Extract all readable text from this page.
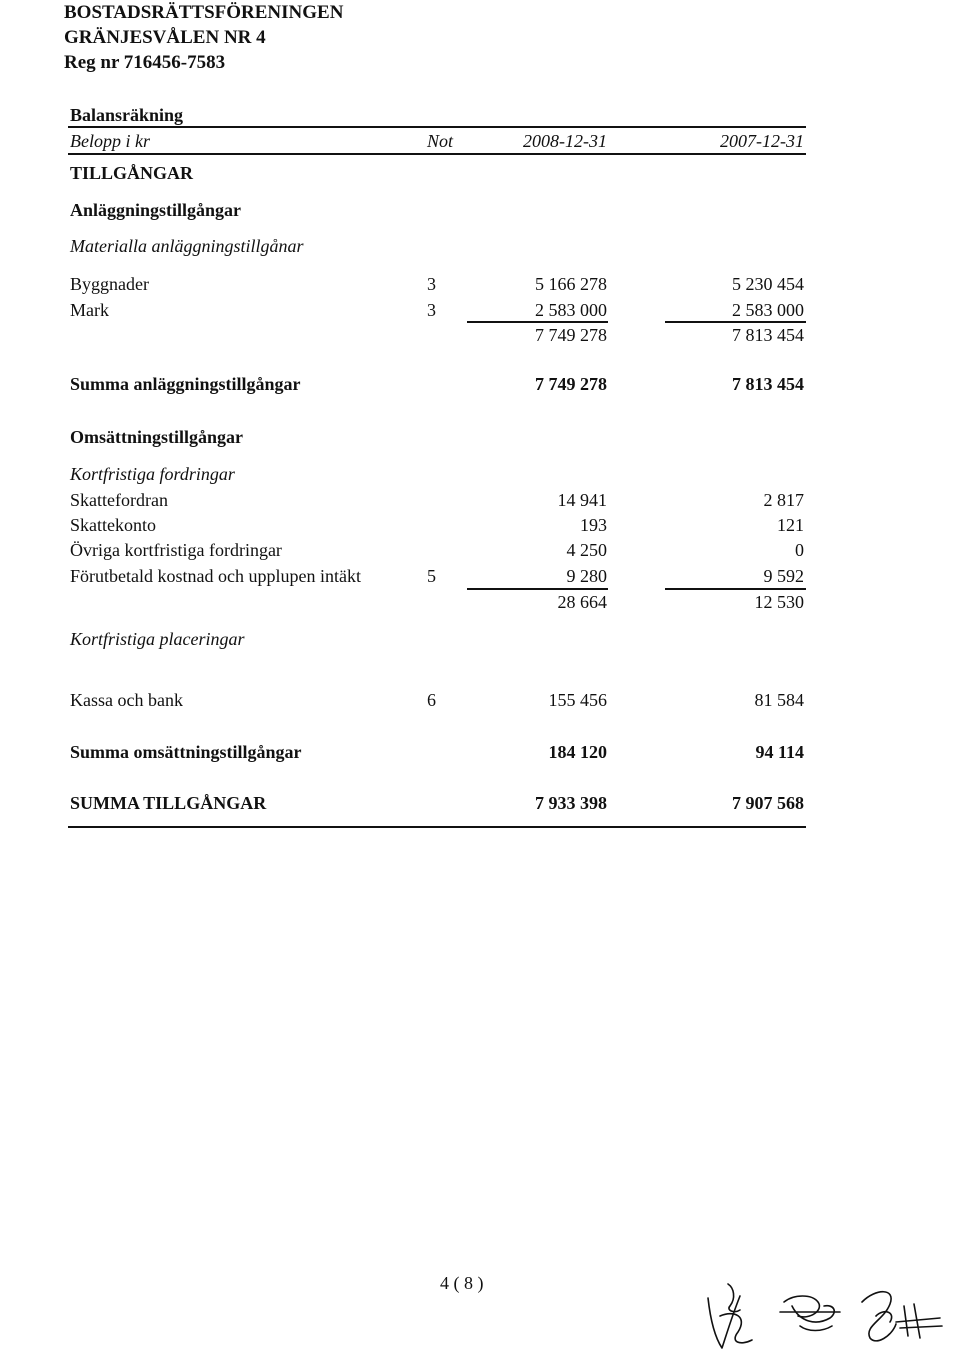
BOSTADSRÄTTSFÖRENINGEN
GRÄNJESVÅLEN NR 4
Reg nr 716456-7583
Balansräkning
Belopp i kr	Not	2008-12-31	2007-12-31
TILLGÅNGAR
Anläggningstillgångar
Materialla anläggningstillgånar
Byggnader	3	5 166 278	5 230 454
Mark	3	2 583 000	2 583 000
7 749 278	7 813 454
Summa anläggningstillgångar	7 749 278	7 813 454
Omsättningstillgångar
Kortfristiga fordringar
Skattefordran	14 941	2 817
Skattekonto	193	121
Övriga kortfristiga fordringar	4 250	0
Förutbetald kostnad och upplupen intäkt	5	9 280	9 592
28 664	12 530
Kortfristiga placeringar
Kassa och bank	6	155 456	81 584
Summa omsättningstillgångar	184 120	94 114
SUMMA TILLGÅNGAR	7 933 398	7 907 568
4 ( 8 )
